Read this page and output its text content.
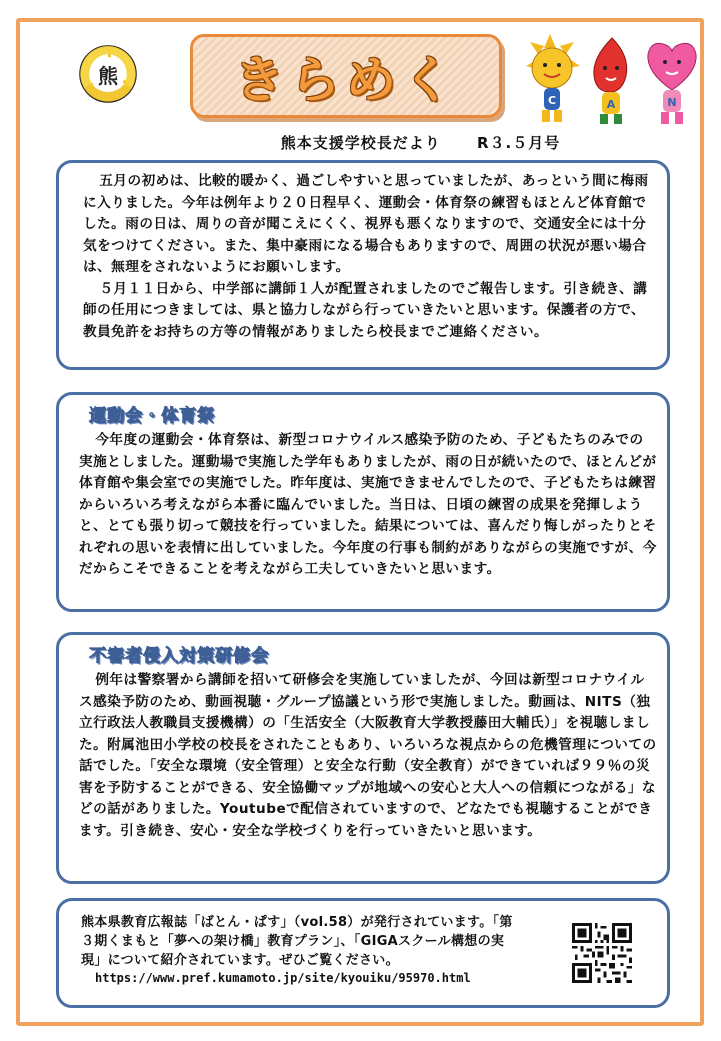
熊	きらめく	C	A	N
熊本支援学校長だより R３.５月号

五月の初めは、比較的暖かく、過ごしやすいと思っていましたが、あっという間に梅雨に入りました。今年は例年より２０日程早く、運動会・体育祭の練習もほとんど体育館でした。雨の日は、周りの音が聞こえにくく、視界も悪くなりますので、交通安全には十分気をつけてください。また、集中豪雨になる場合もありますので、周囲の状況が悪い場合は、無理をされないようにお願いします。

５月１１日から、中学部に講師１人が配置されましたのでご報告します。引き続き、講師の任用につきましては、県と協力しながら行っていきたいと思います。保護者の方で、教員免許をお持ちの方等の情報がありましたら校長までご連絡ください。

運動会・体育祭

今年度の運動会・体育祭は、新型コロナウイルス感染予防のため、子どもたちのみでの実施としました。運動場で実施した学年もありましたが、雨の日が続いたので、ほとんどが体育館や集会室での実施でした。昨年度は、実施できませんでしたので、子どもたちは練習からいろいろ考えながら本番に臨んでいました。当日は、日頃の練習の成果を発揮しようと、とても張り切って競技を行っていました。結果については、喜んだり悔しがったりとそれぞれの思いを表情に出していました。今年度の行事も制約がありながらの実施ですが、今だからこそできることを考えながら工夫していきたいと思います。

不審者侵入対策研修会

例年は警察署から講師を招いて研修会を実施していましたが、今回は新型コロナウイルス感染予防のため、動画視聴・グループ協議という形で実施しました。動画は、NITS（独立行政法人教職員支援機構）の「生活安全（大阪教育大学教授藤田大輔氏）」を視聴しました。附属池田小学校の校長をされたこともあり、いろいろな視点からの危機管理についての話でした。「安全な環境（安全管理）と安全な行動（安全教育）ができていれば９９％の災害を予防することができる、安全協働マップが地域への安心と大人への信頼につながる」などの話がありました。Youtubeで配信されていますので、どなたでも視聴することができます。引き続き、安心・安全な学校づくりを行っていきたいと思います。

熊本県教育広報誌「ばとん・ぱす」（vol.58）が発行されています。「第３期くまもと「夢への架け橋」教育プラン」、「GIGAスクール構想の実現」について紹介されています。ぜひご覧ください。
https://www.pref.kumamoto.jp/site/kyouiku/95970.html
